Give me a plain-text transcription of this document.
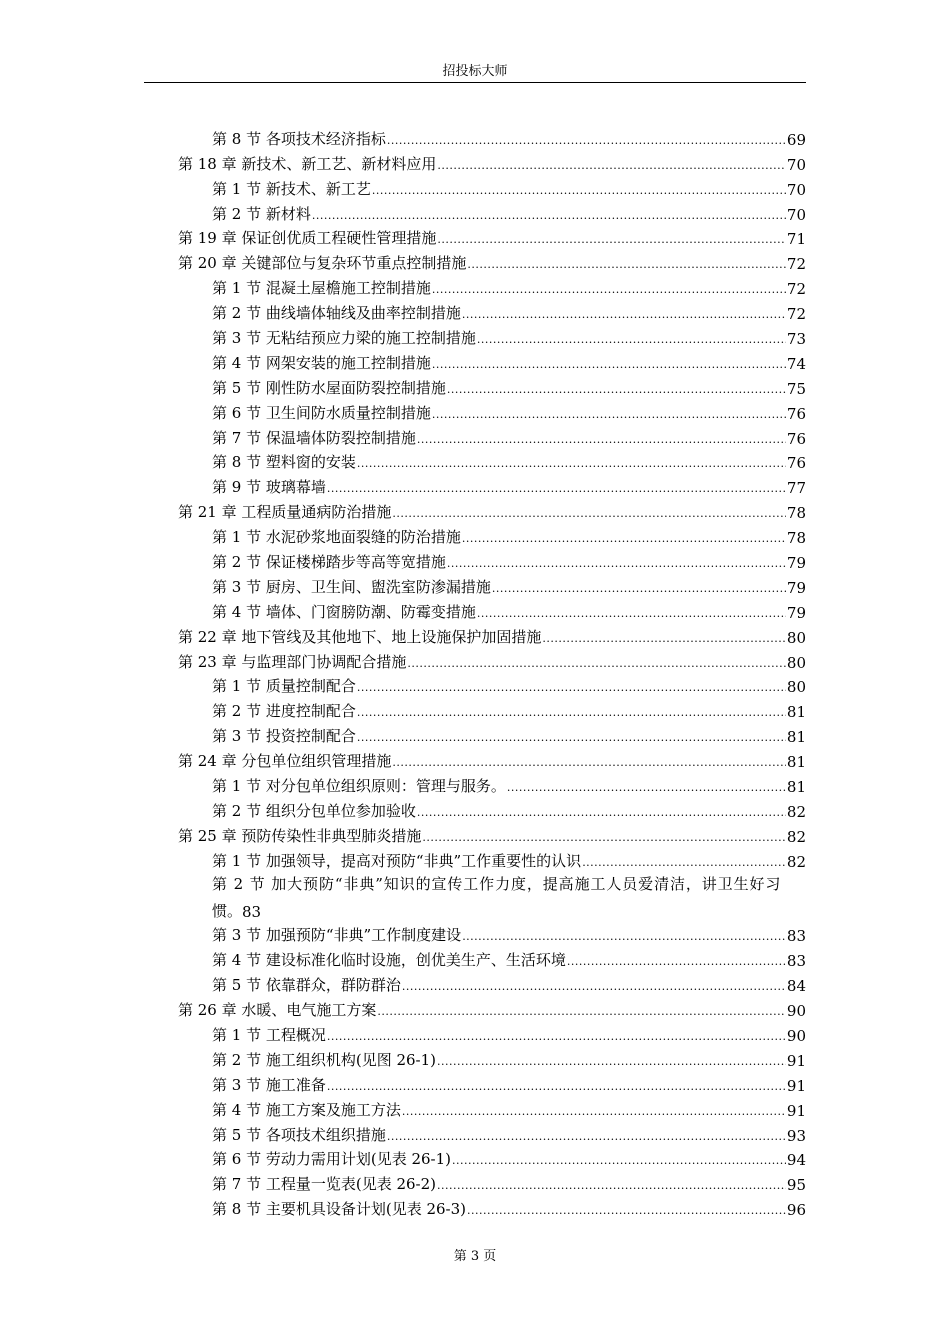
招投标大师
第 8 节 各项技术经济指标 .....	69
第 18 章 新技术、新工艺、新材料应用 .....	70
第 1 节 新技术、新工艺 .....	70
第 2 节 新材料 .....	70
第 19 章 保证创优质工程硬性管理措施 .....	71
第 20 章 关键部位与复杂环节重点控制措施 .....	72
第 1 节 混凝土屋檐施工控制措施 .....	72
第 2 节 曲线墙体轴线及曲率控制措施 .....	72
第 3 节 无粘结预应力梁的施工控制措施 .....	73
第 4 节 网架安装的施工控制措施 .....	74
第 5 节 刚性防水屋面防裂控制措施 .....	75
第 6 节 卫生间防水质量控制措施 .....	76
第 7 节 保温墙体防裂控制措施 .....	76
第 8 节 塑料窗的安装 .....	76
第 9 节 玻璃幕墙 .....	77
第 21 章 工程质量通病防治措施 .....	78
第 1 节 水泥砂浆地面裂缝的防治措施 .....	78
第 2 节 保证楼梯踏步等高等宽措施 .....	79
第 3 节 厨房、卫生间、盥洗室防渗漏措施 .....	79
第 4 节 墙体、门窗膀防潮、防霉变措施 .....	79
第 22 章 地下管线及其他地下、地上设施保护加固措施 .....	80
第 23 章 与监理部门协调配合措施 .....	80
第 1 节 质量控制配合 .....	80
第 2 节 进度控制配合 .....	81
第 3 节 投资控制配合 .....	81
第 24 章 分包单位组织管理措施 .....	81
第 1 节 对分包单位组织原则：管理与服务。 .....	81
第 2 节 组织分包单位参加验收 .....	82
第 25 章 预防传染性非典型肺炎措施 .....	82
第 1 节 加强领导，提高对预防“非典”工作重要性的认识 .....	82
第 2 节 加大预防“非典”知识的宣传工作力度，提高施工人员爱清洁，讲卫生好习
惯。 83
第 3 节 加强预防“非典”工作制度建设 .....	83
第 4 节 建设标准化临时设施，创优美生产、生活环境 .....	83
第 5 节 依靠群众，群防群治 .....	84
第 26 章 水暖、电气施工方案 .....	90
第 1 节 工程概况 .....	90
第 2 节 施工组织机构(见图 26-1) .....	91
第 3 节 施工准备 .....	91
第 4 节 施工方案及施工方法 .....	91
第 5 节 各项技术组织措施 .....	93
第 6 节 劳动力需用计划(见表 26-1) .....	94
第 7 节 工程量一览表(见表 26-2) .....	95
第 8 节 主要机具设备计划(见表 26-3) .....	96
第 3 页
